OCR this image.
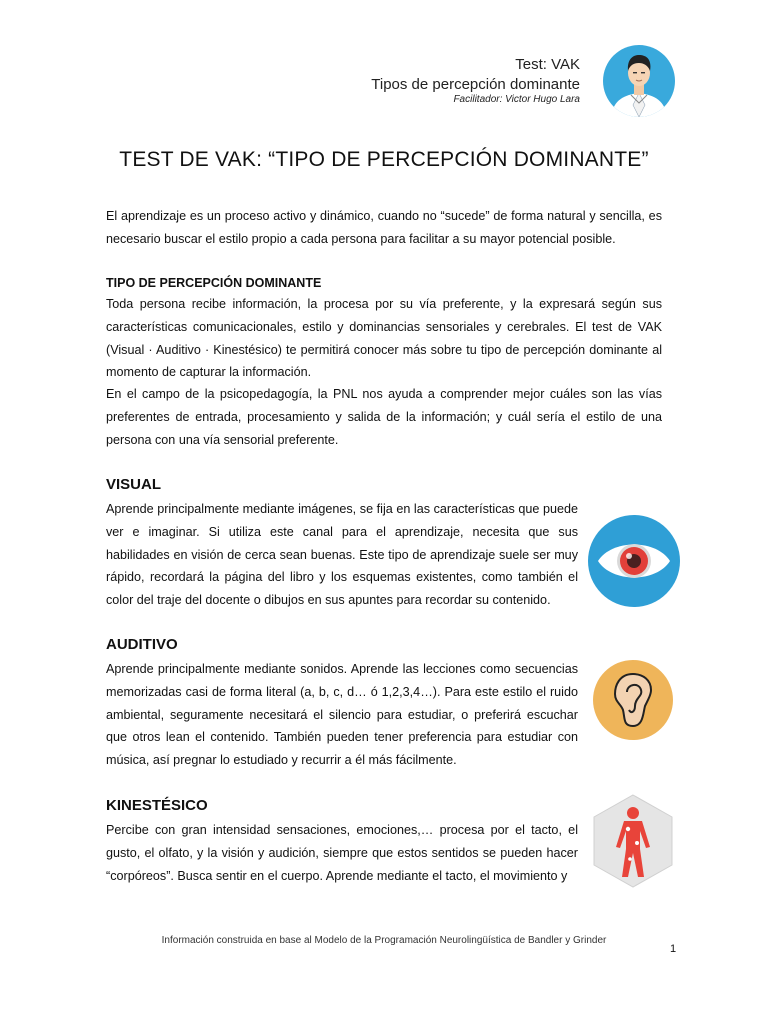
Test: VAK
Tipos de percepción dominante
Facilitador: Victor Hugo Lara
TEST DE VAK: “TIPO DE PERCEPCIÓN DOMINANTE”
El aprendizaje es un proceso activo y dinámico, cuando no “sucede” de forma natural y sencilla, es necesario buscar el estilo propio a cada persona para facilitar a su mayor potencial posible.
TIPO DE PERCEPCIÓN DOMINANTE
Toda persona recibe información, la procesa por su vía preferente, y la expresará según sus características comunicacionales, estilo y dominancias sensoriales y cerebrales. El test de VAK (Visual · Auditivo · Kinestésico) te permitirá conocer más sobre tu tipo de percepción dominante al momento de capturar la información.
En el campo de la psicopedagogía, la PNL nos ayuda a comprender mejor cuáles son las vías preferentes de entrada, procesamiento y salida de la información; y cuál sería el estilo de una persona con una vía sensorial preferente.
VISUAL
Aprende principalmente mediante imágenes, se fija en las características que puede ver e imaginar. Si utiliza este canal para el aprendizaje, necesita que sus habilidades en visión de cerca sean buenas. Este tipo de aprendizaje suele ser muy rápido, recordará la página del libro y los esquemas existentes, como también el color del traje del docente o dibujos en sus apuntes para recordar su contenido.
AUDITIVO
Aprende principalmente mediante sonidos. Aprende las lecciones como secuencias memorizadas casi de forma literal (a, b, c, d… ó 1,2,3,4…). Para este estilo el ruido ambiental, seguramente necesitará el silencio para estudiar, o preferirá escuchar que otros lean el contenido. También pueden tener preferencia para estudiar con música, así pregnar lo estudiado y recurrir a él más fácilmente.
KINESTÉSICO
Percibe con gran intensidad sensaciones, emociones,… procesa por el tacto, el gusto, el olfato, y la visión y audición, siempre que estos sentidos se pueden hacer “corpóreos”. Busca sentir en el cuerpo. Aprende mediante el tacto, el movimiento y
Información construida en base al Modelo de la Programación Neurolingüística de Bandler y Grinder
1
